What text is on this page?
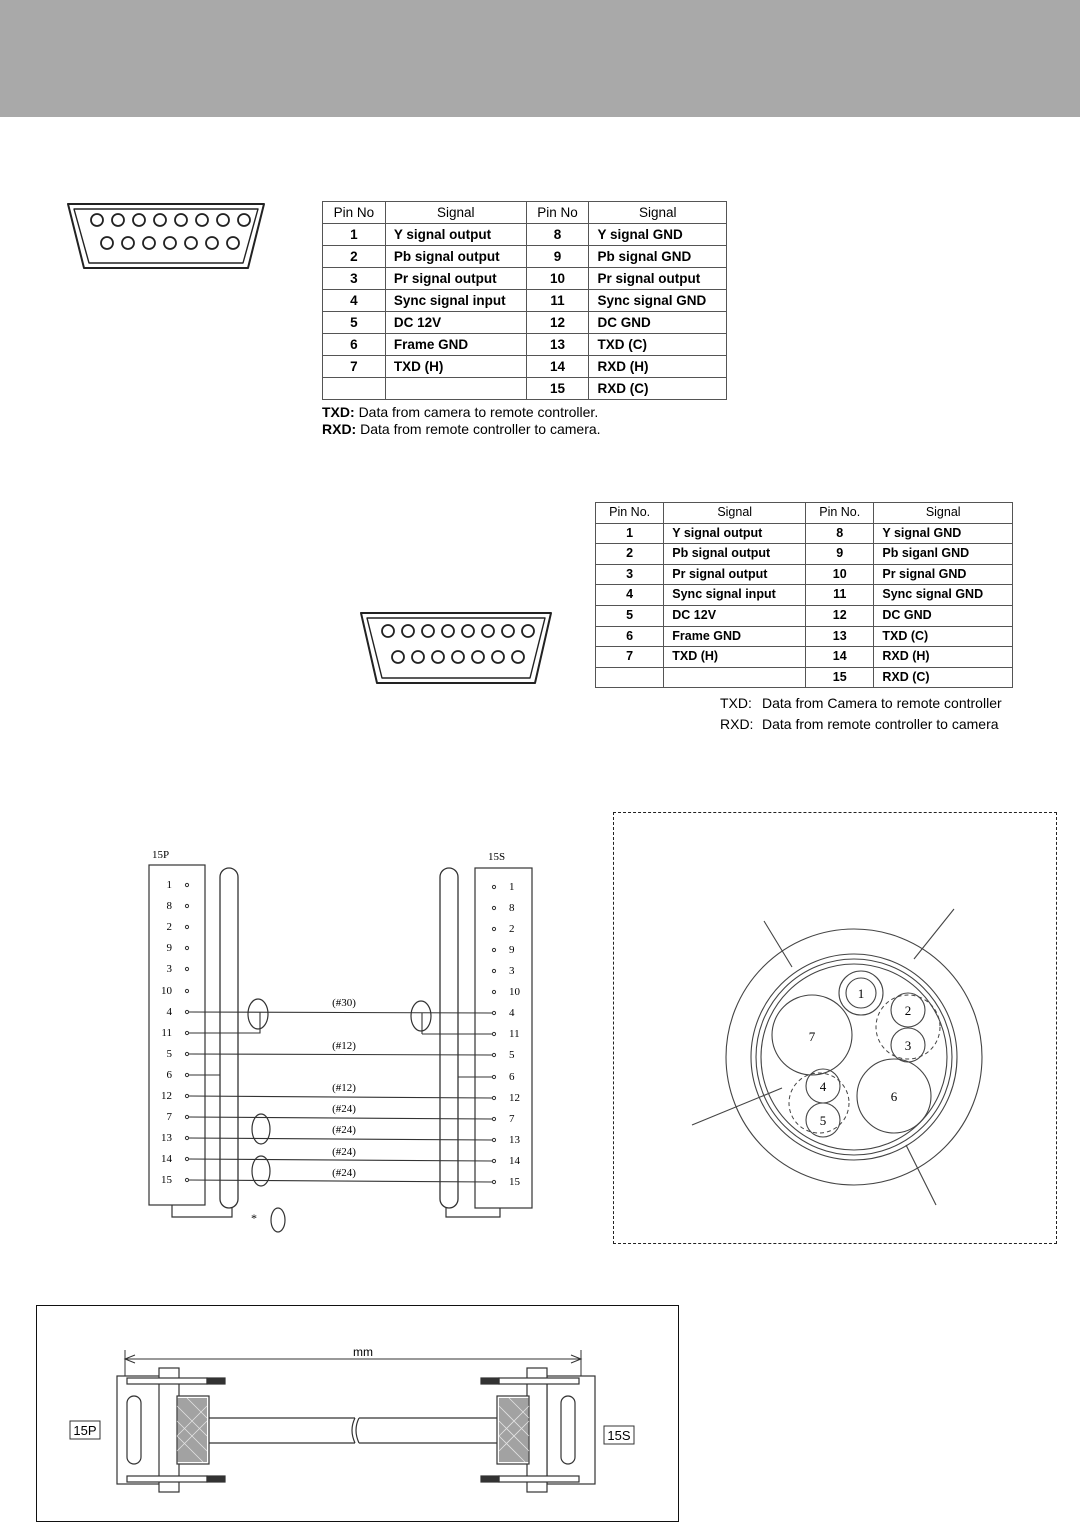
Pin No	Signal	Pin No	Signal
1	Y signal output	8	Y signal GND
2	Pb signal output	9	Pb signal GND
3	Pr signal output	10	Pr signal output
4	Sync signal input	11	Sync signal GND
5	DC 12V	12	DC GND
6	Frame GND	13	TXD (C)
7	TXD (H)	14	RXD (H)
		15	RXD (C)
TXD: Data from camera to remote controller.
RXD: Data from remote controller to camera.
Pin No.	Signal	Pin No.	Signal
1	Y signal output	8	Y signal GND
2	Pb signal output	9	Pb siganl GND
3	Pr signal output	10	Pr signal GND
4	Sync signal input	11	Sync signal GND
5	DC 12V	12	DC GND
6	Frame GND	13	TXD (C)
7	TXD (H)	14	RXD (H)
		15	RXD (C)
TXD: Data from Camera to remote controller
RXD: Data from remote controller to camera
15P	15S
1
8
2
9
3
10
4
11
5
6
12
7
13
14
15
1
8
2
9
3
10
4
11
5
6
12
7
13
14
15
(#30)
(#12)
(#12)
(#24)
(#24)
(#24)
(#24)
*
1
2
3
4
5
6
7
mm
15P	15S
